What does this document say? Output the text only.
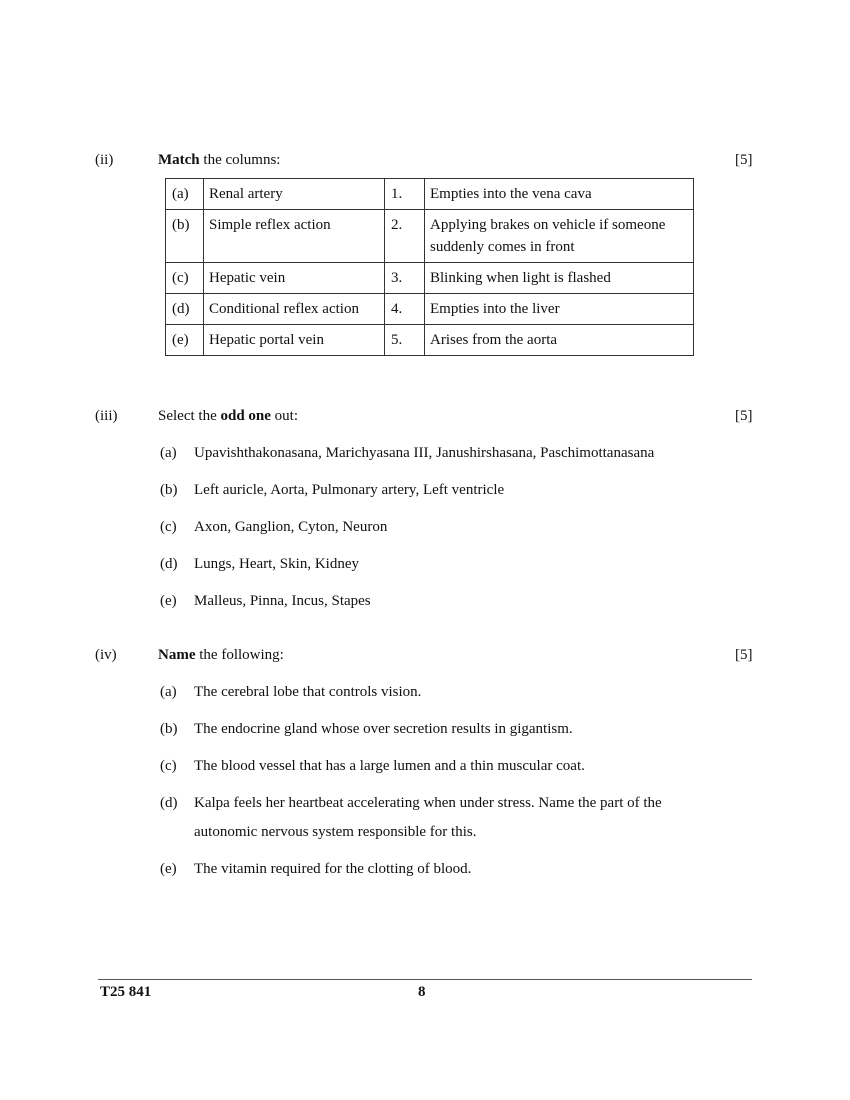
(ii)	Match the columns:	[5]
(a)	Renal artery	1.	Empties into the vena cava
(b)	Simple reflex action	2.	Applying brakes on vehicle if someone suddenly comes in front
(c)	Hepatic vein	3.	Blinking when light is flashed
(d)	Conditional reflex action	4.	Empties into the liver
(e)	Hepatic portal vein	5.	Arises from the aorta
(iii)	Select the odd one out:	[5]
(a) Upavishthakonasana, Marichyasana III, Janushirshasana, Paschimottanasana
(b) Left auricle, Aorta, Pulmonary artery, Left ventricle
(c) Axon, Ganglion, Cyton, Neuron
(d) Lungs, Heart, Skin, Kidney
(e) Malleus, Pinna, Incus, Stapes
(iv)	Name the following:	[5]
(a) The cerebral lobe that controls vision.
(b) The endocrine gland whose over secretion results in gigantism.
(c) The blood vessel that has a large lumen and a thin muscular coat.
(d) Kalpa feels her heartbeat accelerating when under stress. Name the part of the autonomic nervous system responsible for this.
(e) The vitamin required for the clotting of blood.
T25 841	8
